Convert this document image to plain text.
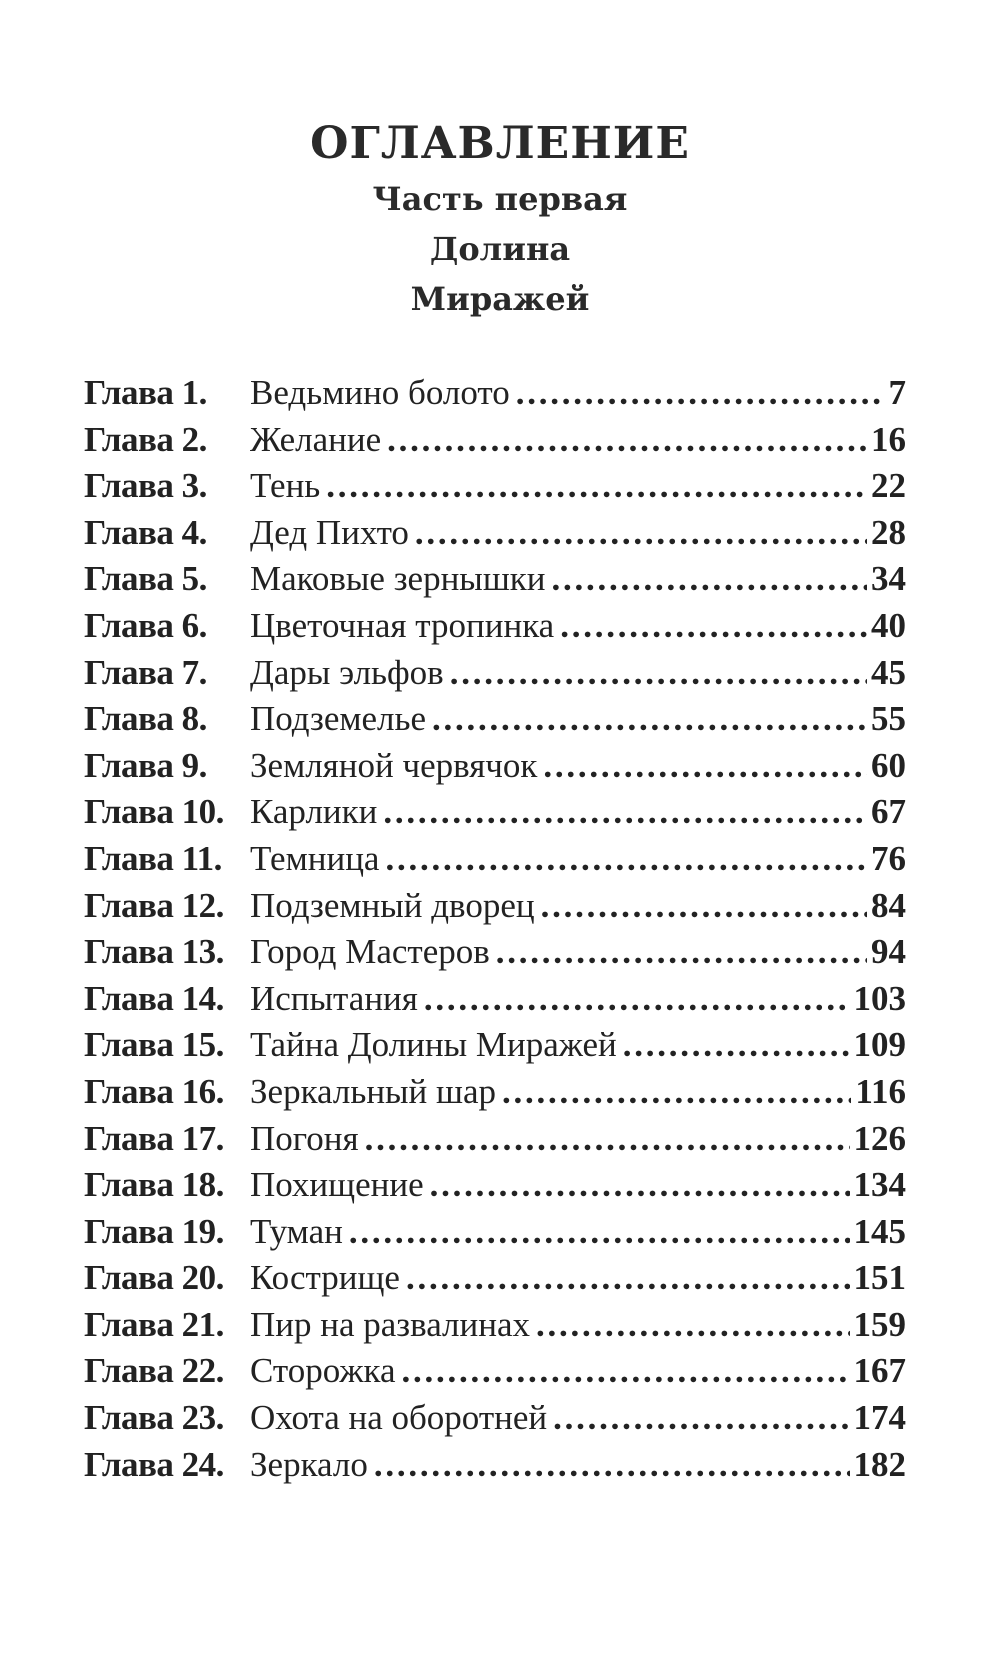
ОГЛАВЛЕНИЕ
Часть первая
Долина
Миражей
Глава 1.	Ведьмино болото . . .	7
Глава 2.	Желание . . .	16
Глава 3.	Тень . . .	22
Глава 4.	Дед Пихто . . .	28
Глава 5.	Маковые зернышки . . .	34
Глава 6.	Цветочная тропинка . . .	40
Глава 7.	Дары эльфов . . .	45
Глава 8.	Подземелье . . .	55
Глава 9.	Земляной червячок . . .	60
Глава 10. Карлики . . .	67
Глава 11. Темница . . .	76
Глава 12. Подземный дворец . . .	84
Глава 13. Город Мастеров . . .	94
Глава 14. Испытания . . .	103
Глава 15. Тайна Долины Миражей . . .	109
Глава 16. Зеркальный шар . . .	116
Глава 17. Погоня . . .	126
Глава 18. Похищение . . .	134
Глава 19. Туман . . .	145
Глава 20. Кострище . . .	151
Глава 21. Пир на развалинах . . .	159
Глава 22. Сторожка . . .	167
Глава 23. Охота на оборотней . . .	174
Глава 24. Зеркало . . .	182
